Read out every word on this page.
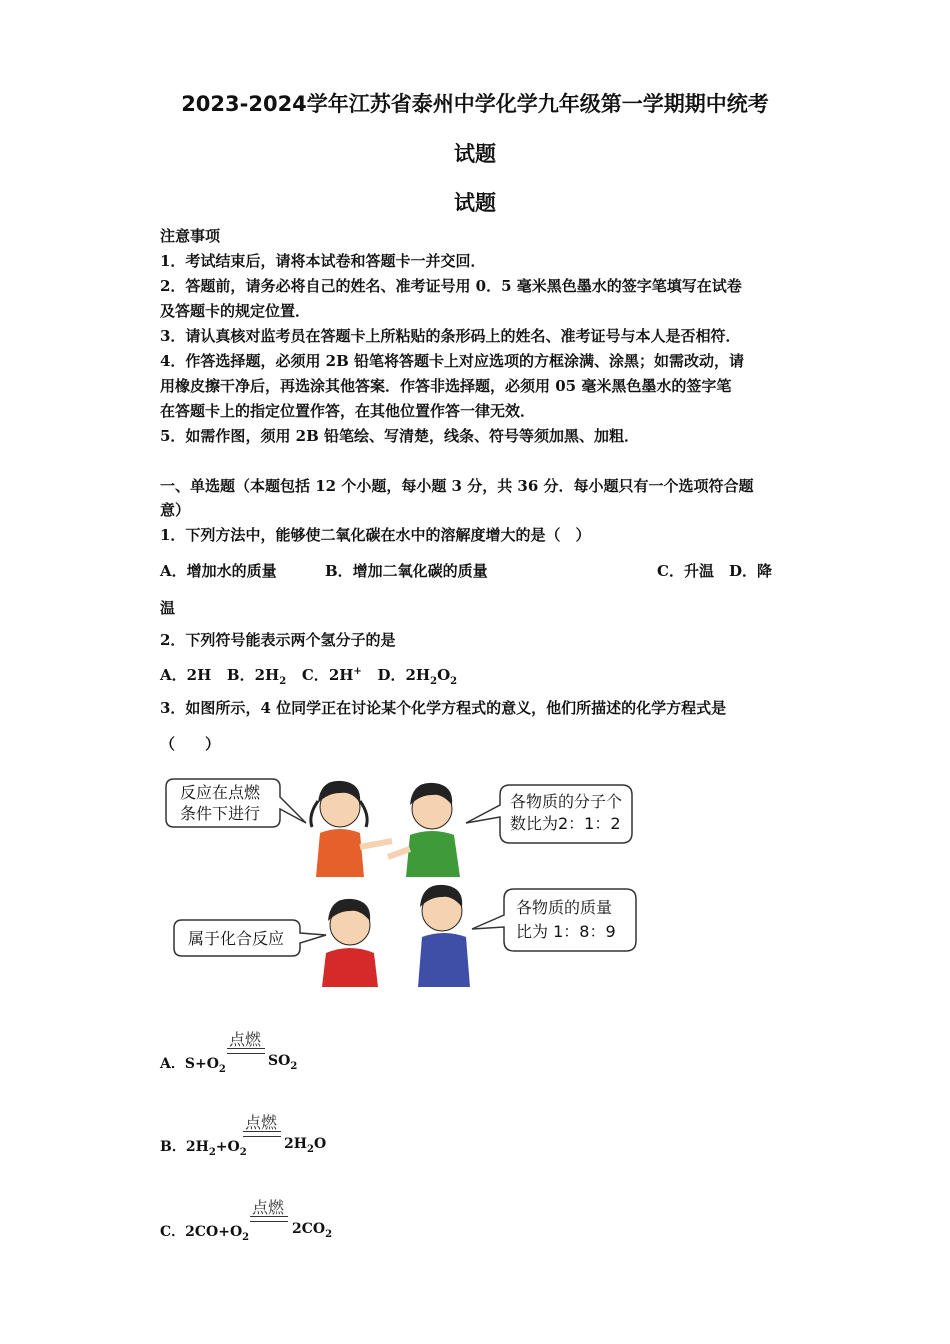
2023-2024学年江苏省泰州中学化学九年级第一学期期中统考
试题
试题
注意事项
1．考试结束后，请将本试卷和答题卡一并交回．
2．答题前，请务必将自己的姓名、准考证号用 0．5 毫米黑色墨水的签字笔填写在试卷
及答题卡的规定位置．
3．请认真核对监考员在答题卡上所粘贴的条形码上的姓名、准考证号与本人是否相符．
4．作答选择题，必须用 2B 铅笔将答题卡上对应选项的方框涂满、涂黑；如需改动，请
用橡皮擦干净后，再选涂其他答案．作答非选择题，必须用 05 毫米黑色墨水的签字笔
在答题卡上的指定位置作答，在其他位置作答一律无效．
5．如需作图，须用 2B 铅笔绘、写清楚，线条、符号等须加黑、加粗．
一、单选题（本题包括 12 个小题，每小题 3 分，共 36 分．每小题只有一个选项符合题
意）
1．下列方法中，能够使二氧化碳在水中的溶解度增大的是（　）
A．增加水的质量	B．增加二氧化碳的质量	C．升温　D．降
温
2．下列符号能表示两个氢分子的是
A．2H B．$2H_2$ C．2H+ D．$2H_2O_2$
3．如图所示，4 位同学正在讨论某个化学方程式的意义，他们所描述的化学方程式是
（　　）
反应在点燃
条件下进行
各物质的分子个
数比为2：1：2
属于化合反应
各物质的质量
比为 1：8：9
点燃
A．$S+O_2$
$SO_2$
点燃
B．$2H_2+O_2$
$2H_2O$
点燃
C．$2CO+O_2$
$2CO_2$
